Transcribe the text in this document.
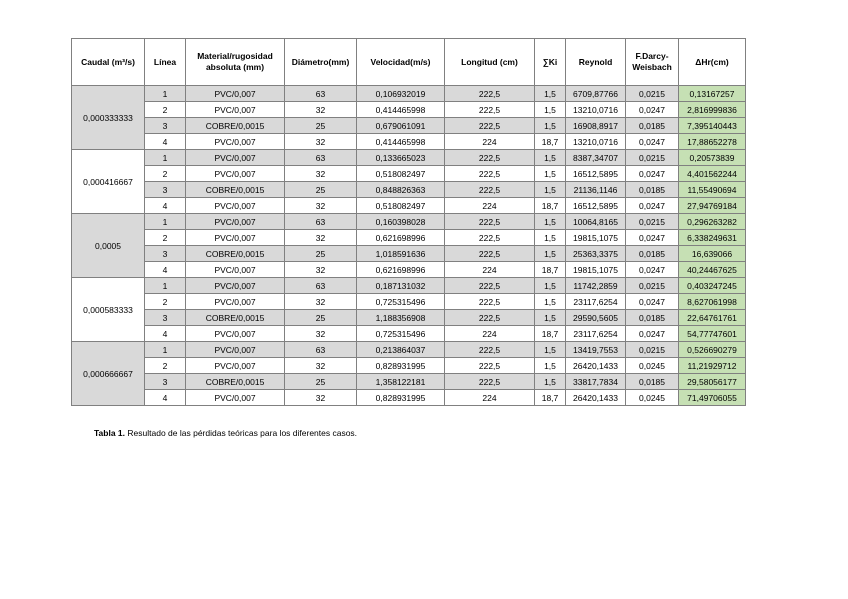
Caudal (m³/s)	Línea	Material/rugosidad absoluta (mm)	Diámetro(mm)	Velocidad(m/s)	Longitud (cm)	∑Ki	Reynold	F.Darcy-Weisbach	ΔHr(cm)
0,000333333	1	PVC/0,007	63	0,106932019	222,5	1,5	6709,87766	0,0215	0,13167257
	2	PVC/0,007	32	0,414465998	222,5	1,5	13210,0716	0,0247	2,816999836
	3	COBRE/0,0015	25	0,679061091	222,5	1,5	16908,8917	0,0185	7,395140443
	4	PVC/0,007	32	0,414465998	224	18,7	13210,0716	0,0247	17,88652278
0,000416667	1	PVC/0,007	63	0,133665023	222,5	1,5	8387,34707	0,0215	0,20573839
	2	PVC/0,007	32	0,518082497	222,5	1,5	16512,5895	0,0247	4,401562244
	3	COBRE/0,0015	25	0,848826363	222,5	1,5	21136,1146	0,0185	11,55490694
	4	PVC/0,007	32	0,518082497	224	18,7	16512,5895	0,0247	27,94769184
0,0005	1	PVC/0,007	63	0,160398028	222,5	1,5	10064,8165	0,0215	0,296263282
	2	PVC/0,007	32	0,621698996	222,5	1,5	19815,1075	0,0247	6,338249631
	3	COBRE/0,0015	25	1,018591636	222,5	1,5	25363,3375	0,0185	16,639066
	4	PVC/0,007	32	0,621698996	224	18,7	19815,1075	0,0247	40,24467625
0,000583333	1	PVC/0,007	63	0,187131032	222,5	1,5	11742,2859	0,0215	0,403247245
	2	PVC/0,007	32	0,725315496	222,5	1,5	23117,6254	0,0247	8,627061998
	3	COBRE/0,0015	25	1,188356908	222,5	1,5	29590,5605	0,0185	22,64761761
	4	PVC/0,007	32	0,725315496	224	18,7	23117,6254	0,0247	54,77747601
0,000666667	1	PVC/0,007	63	0,213864037	222,5	1,5	13419,7553	0,0215	0,526690279
	2	PVC/0,007	32	0,828931995	222,5	1,5	26420,1433	0,0245	11,21929712
	3	COBRE/0,0015	25	1,358122181	222,5	1,5	33817,7834	0,0185	29,58056177
	4	PVC/0,007	32	0,828931995	224	18,7	26420,1433	0,0245	71,49706055
Tabla 1. Resultado de las pérdidas teóricas para los diferentes casos.
